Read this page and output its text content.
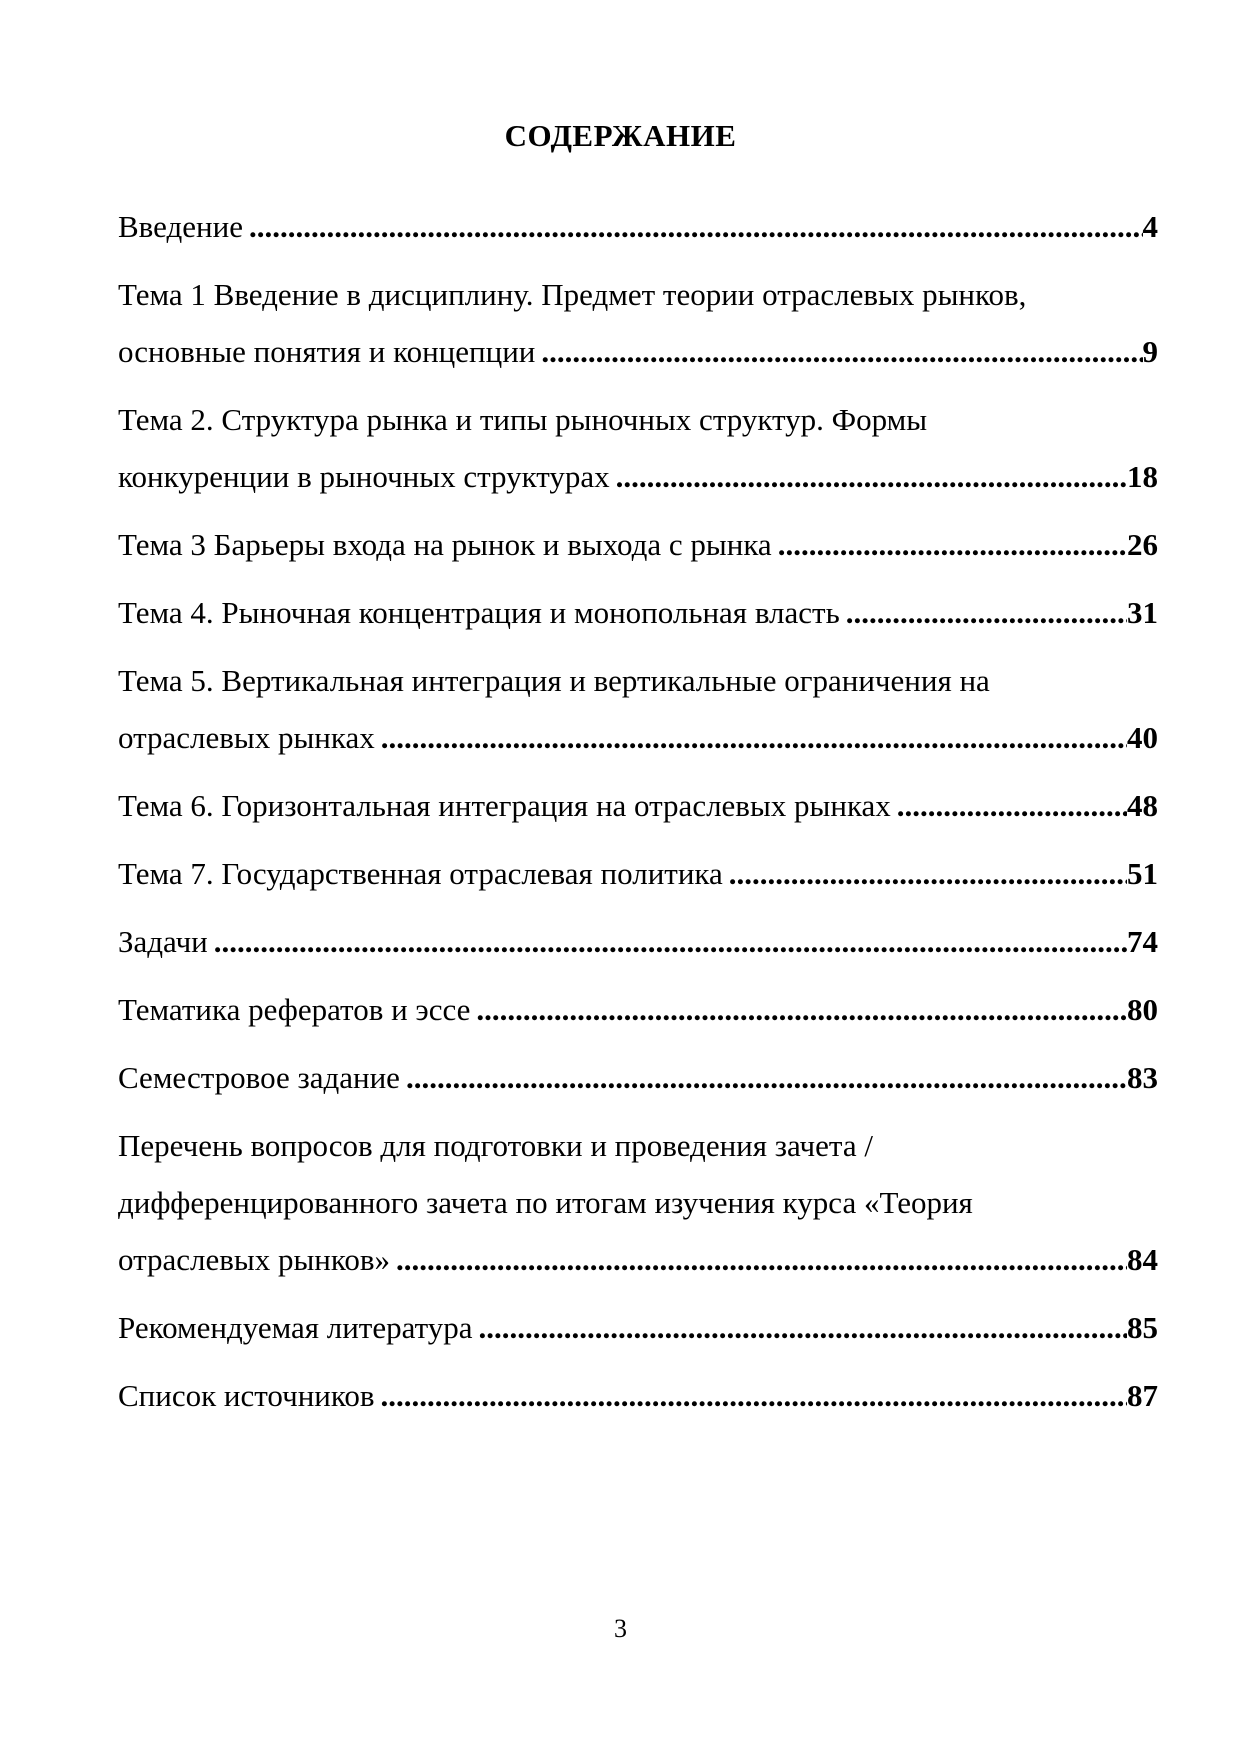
СОДЕРЖАНИЕ
Введение .....	4
Тема 1 Введение в дисциплину. Предмет теории отраслевых рынков,
основные понятия и концепции .....	9
Тема 2. Структура рынка и типы рыночных структур. Формы
конкуренции в рыночных структурах .....	18
Тема 3 Барьеры входа на рынок и выхода с рынка .....	26
Тема 4. Рыночная концентрация и монопольная власть .....	31
Тема 5. Вертикальная интеграция и вертикальные ограничения на
отраслевых рынках .....	40
Тема 6. Горизонтальная интеграция на отраслевых рынках .....	48
Тема 7. Государственная отраслевая политика .....	51
Задачи .....	74
Тематика рефератов и эссе .....	80
Семестровое задание .....	83
Перечень вопросов для подготовки и проведения зачета /
дифференцированного зачета по итогам изучения курса «Теория
отраслевых рынков» .....	84
Рекомендуемая литература .....	85
Список источников .....	87
3
